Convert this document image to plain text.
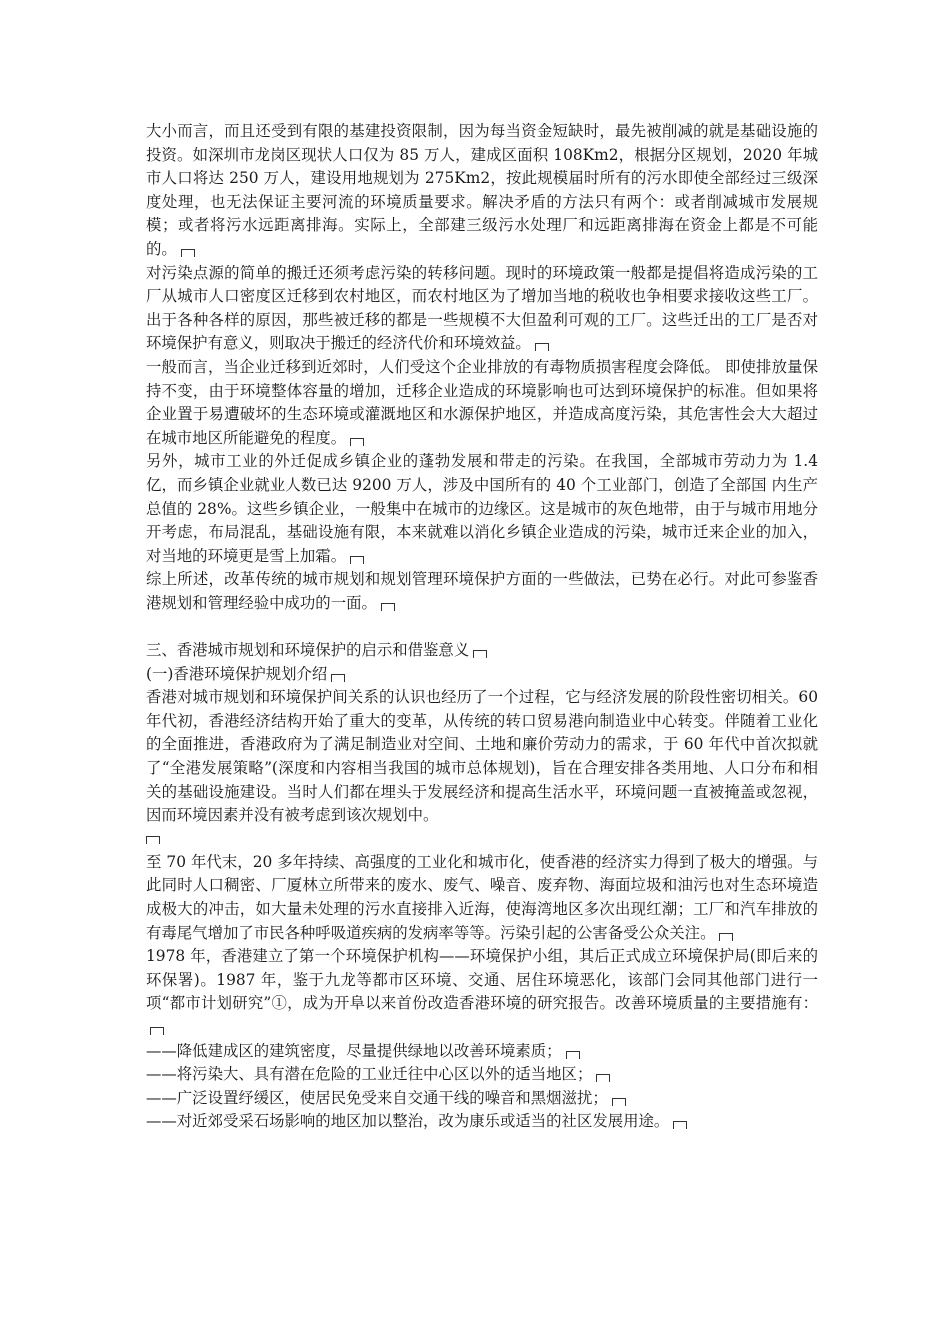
大小而言，而且还受到有限的基建投资限制，因为每当资金短缺时，最先被削减的就是基础设施的投资。如深圳市龙岗区现状人口仅为 85 万人，建成区面积 108Km2，根据分区规划，2020 年城市人口将达 250 万人，建设用地规划为 275Km2，按此规模届时所有的污水即使全部经过三级深度处理，也无法保证主要河流的环境质量要求。解决矛盾的方法只有两个：或者削减城市发展规模；或者将污水远距离排海。实际上，全部建三级污水处理厂和远距离排海在资金上都是不可能的。

对污染点源的简单的搬迁还须考虑污染的转移问题。现时的环境政策一般都是提倡将造成污染的工厂从城市人口密度区迁移到农村地区，而农村地区为了增加当地的税收也争相要求接收这些工厂。出于各种各样的原因，那些被迁移的都是一些规模不大但盈利可观的工厂。这些迁出的工厂是否对环境保护有意义，则取决于搬迁的经济代价和环境效益。

一般而言，当企业迁移到近郊时，人们受这个企业排放的有毒物质损害程度会降低。 即使排放量保持不变，由于环境整体容量的增加，迁移企业造成的环境影响也可达到环境保护的标准。但如果将企业置于易遭破坏的生态环境或灌溉地区和水源保护地区，并造成高度污染，其危害性会大大超过在城市地区所能避免的程度。

另外，城市工业的外迁促成乡镇企业的蓬勃发展和带走的污染。在我国，全部城市劳动力为 1.4 亿，而乡镇企业就业人数已达 9200 万人，涉及中国所有的 40 个工业部门，创造了全部国 内生产总值的 28%。这些乡镇企业，一般集中在城市的边缘区。这是城市的灰色地带，由于与城市用地分开考虑，布局混乱，基础设施有限，本来就难以消化乡镇企业造成的污染，城市迁来企业的加入，对当地的环境更是雪上加霜。

综上所述，改革传统的城市规划和规划管理环境保护方面的一些做法，已势在必行。对此可参鉴香港规划和管理经验中成功的一面。

三、香港城市规划和环境保护的启示和借鉴意义

(一)香港环境保护规划介绍

香港对城市规划和环境保护间关系的认识也经历了一个过程，它与经济发展的阶段性密切相关。60 年代初，香港经济结构开始了重大的变革，从传统的转口贸易港向制造业中心转变。伴随着工业化的全面推进，香港政府为了满足制造业对空间、土地和廉价劳动力的需求，于 60 年代中首次拟就了“全港发展策略”(深度和内容相当我国的城市总体规划)，旨在合理安排各类用地、人口分布和相关的基础设施建设。当时人们都在埋头于发展经济和提高生活水平，环境问题一直被掩盖或忽视，因而环境因素并没有被考虑到该次规划中。

至 70 年代末，20 多年持续、高强度的工业化和城市化，使香港的经济实力得到了极大的增强。与此同时人口稠密、厂厦林立所带来的废水、废气、噪音、废弃物、海面垃圾和油污也对生态环境造成极大的冲击，如大量未处理的污水直接排入近海，使海湾地区多次出现红潮；工厂和汽车排放的有毒尾气增加了市民各种呼吸道疾病的发病率等等。污染引起的公害备受公众关注。

1978 年，香港建立了第一个环境保护机构——环境保护小组，其后正式成立环境保护局(即后来的环保署)。1987 年，鉴于九龙等都市区环境、交通、居住环境恶化，该部门会同其他部门进行一项“都市计划研究”①，成为开阜以来首份改造香港环境的研究报告。改善环境质量的主要措施有：

——降低建成区的建筑密度，尽量提供绿地以改善环境素质；

——将污染大、具有潜在危险的工业迁往中心区以外的适当地区；

——广泛设置纾缓区，使居民免受来自交通干线的噪音和黑烟滋扰；

——对近郊受采石场影响的地区加以整治，改为康乐或适当的社区发展用途。
